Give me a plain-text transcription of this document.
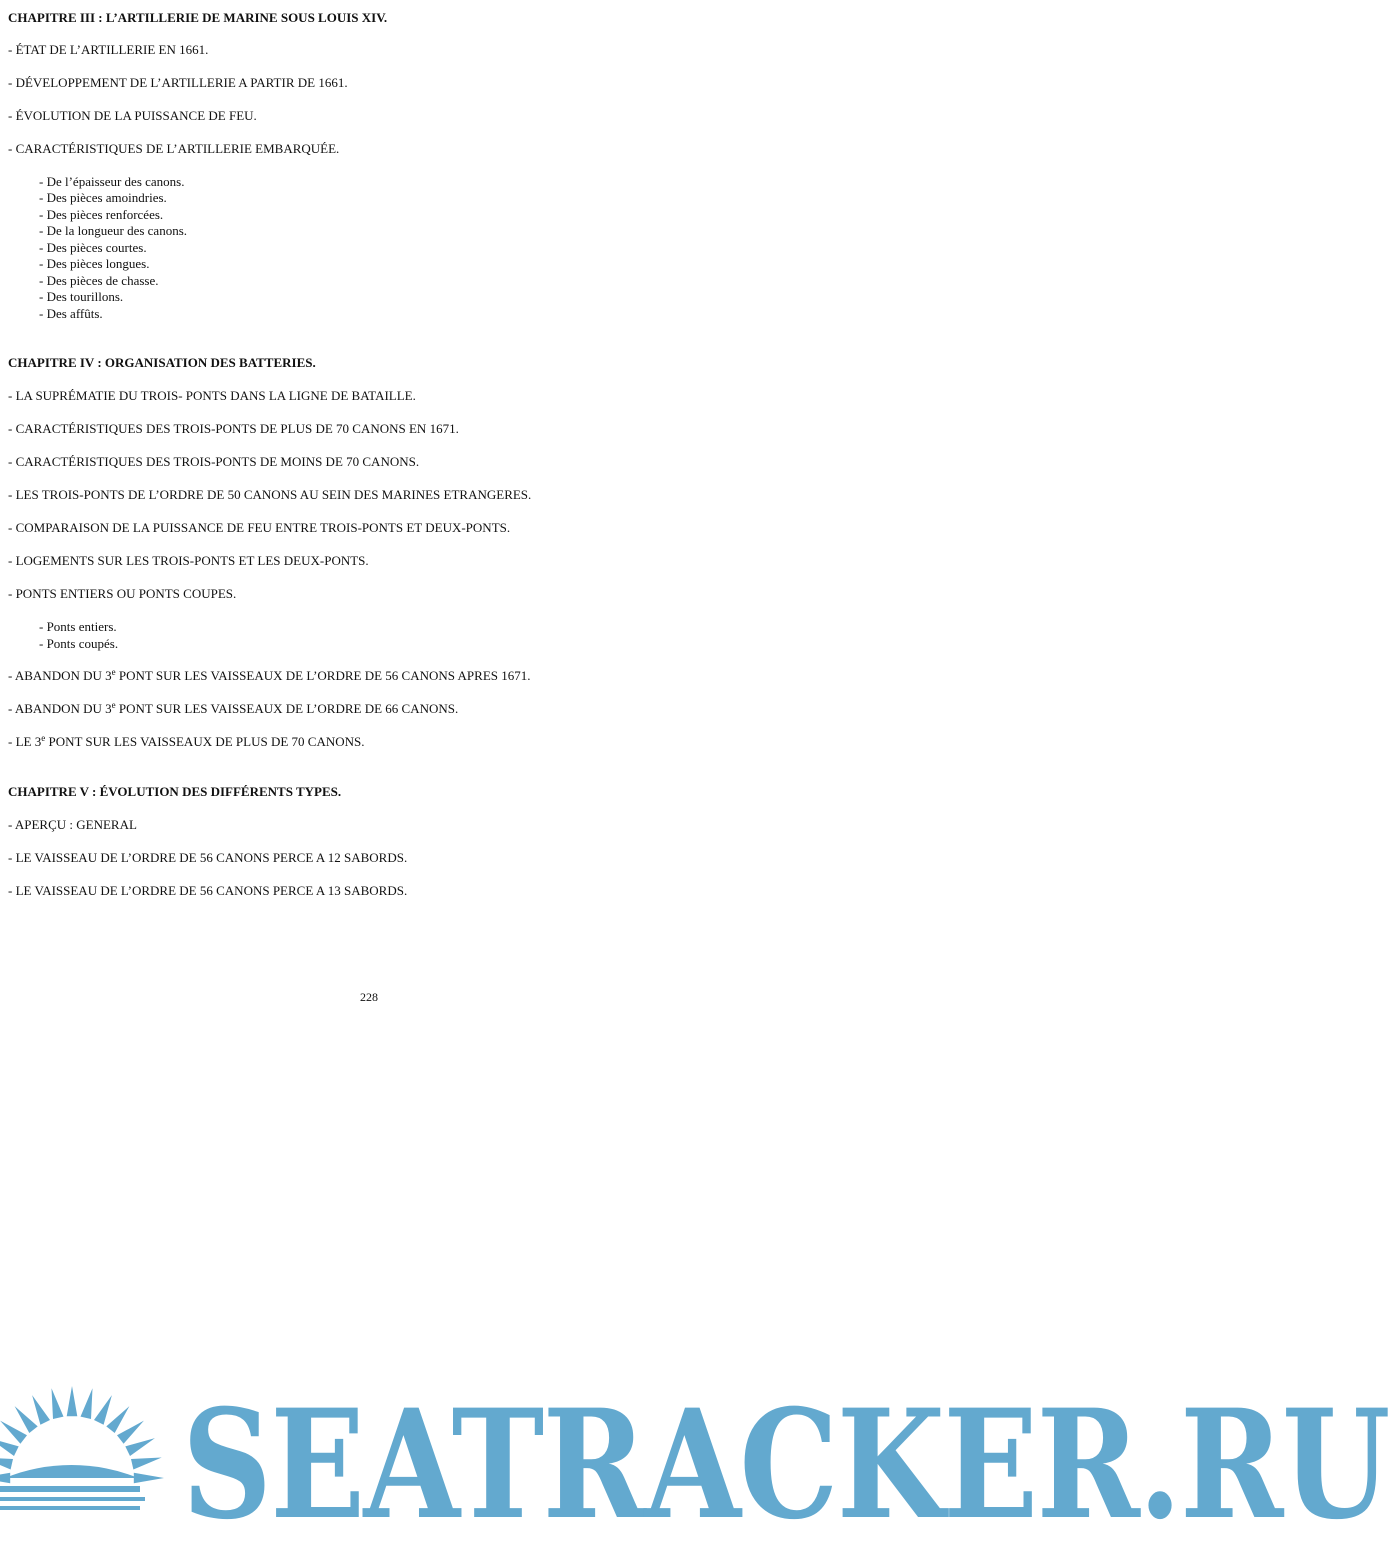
CHAPITRE III : L’ARTILLERIE DE MARINE SOUS LOUIS XIV.
- ÉTAT DE L’ARTILLERIE EN 1661.
- DÉVELOPPEMENT DE L’ARTILLERIE A PARTIR DE 1661.
- ÉVOLUTION DE LA PUISSANCE DE FEU.
- CARACTÉRISTIQUES DE L’ARTILLERIE EMBARQUÉE.
- De l’épaisseur des canons.
- Des pièces amoindries.
- Des pièces renforcées.
- De la longueur des canons.
- Des pièces courtes.
- Des pièces longues.
- Des pièces de chasse.
- Des tourillons.
- Des affûts.
CHAPITRE IV : ORGANISATION DES BATTERIES.
- LA SUPRÉMATIE DU TROIS- PONTS DANS LA LIGNE DE BATAILLE.
- CARACTÉRISTIQUES DES TROIS-PONTS DE PLUS DE 70 CANONS EN 1671.
- CARACTÉRISTIQUES DES TROIS-PONTS DE MOINS DE 70 CANONS.
- LES TROIS-PONTS DE L’ORDRE DE 50 CANONS AU SEIN DES MARINES ETRANGERES.
- COMPARAISON DE LA PUISSANCE DE FEU ENTRE TROIS-PONTS ET DEUX-PONTS.
- LOGEMENTS SUR LES TROIS-PONTS ET LES DEUX-PONTS.
- PONTS ENTIERS OU PONTS COUPES.
- Ponts entiers.
- Ponts coupés.
- ABANDON DU 3e PONT SUR LES VAISSEAUX DE L’ORDRE DE 56 CANONS APRES 1671.
- ABANDON DU 3e PONT SUR LES VAISSEAUX DE L’ORDRE DE 66 CANONS.
- LE 3e PONT SUR LES VAISSEAUX DE PLUS DE 70 CANONS.
CHAPITRE V : ÉVOLUTION DES DIFFÉRENTS TYPES.
- APERÇU : GENERAL
- LE VAISSEAU DE L’ORDRE DE 56 CANONS PERCE A 12 SABORDS.
- LE VAISSEAU DE L’ORDRE DE 56 CANONS PERCE A 13 SABORDS.
228
SEATRACKER.RU
